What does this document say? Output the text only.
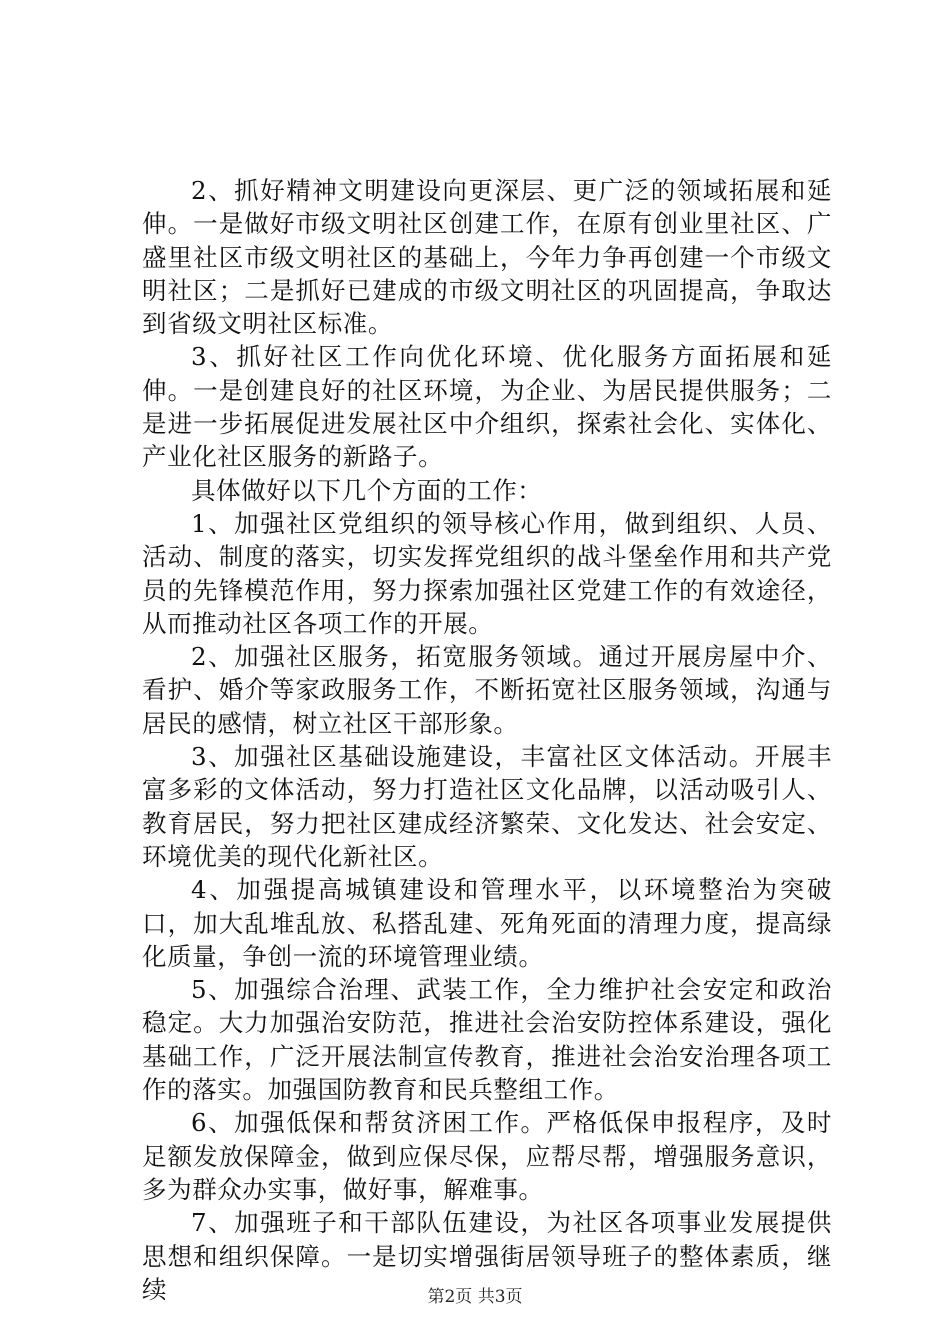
2、抓好精神文明建设向更深层、更广泛的领域拓展和延伸。一是做好市级文明社区创建工作，在原有创业里社区、广盛里社区市级文明社区的基础上，今年力争再创建一个市级文明社区；二是抓好已建成的市级文明社区的巩固提高，争取达到省级文明社区标准。

3、抓好社区工作向优化环境、优化服务方面拓展和延伸。一是创建良好的社区环境，为企业、为居民提供服务；二是进一步拓展促进发展社区中介组织，探索社会化、实体化、产业化社区服务的新路子。

具体做好以下几个方面的工作：

1、加强社区党组织的领导核心作用，做到组织、人员、活动、制度的落实，切实发挥党组织的战斗堡垒作用和共产党员的先锋模范作用，努力探索加强社区党建工作的有效途径，从而推动社区各项工作的开展。

2、加强社区服务，拓宽服务领域。通过开展房屋中介、看护、婚介等家政服务工作，不断拓宽社区服务领域，沟通与居民的感情，树立社区干部形象。

3、加强社区基础设施建设，丰富社区文体活动。开展丰富多彩的文体活动，努力打造社区文化品牌，以活动吸引人、教育居民，努力把社区建成经济繁荣、文化发达、社会安定、环境优美的现代化新社区。

4、加强提高城镇建设和管理水平，以环境整治为突破口，加大乱堆乱放、私搭乱建、死角死面的清理力度，提高绿化质量，争创一流的环境管理业绩。

5、加强综合治理、武装工作，全力维护社会安定和政治稳定。大力加强治安防范，推进社会治安防控体系建设，强化基础工作，广泛开展法制宣传教育，推进社会治安治理各项工作的落实。加强国防教育和民兵整组工作。

6、加强低保和帮贫济困工作。严格低保申报程序，及时足额发放保障金，做到应保尽保，应帮尽帮，增强服务意识，多为群众办实事，做好事，解难事。

7、加强班子和干部队伍建设，为社区各项事业发展提供思想和组织保障。一是切实增强街居领导班子的整体素质，继续	第2页 共3页
